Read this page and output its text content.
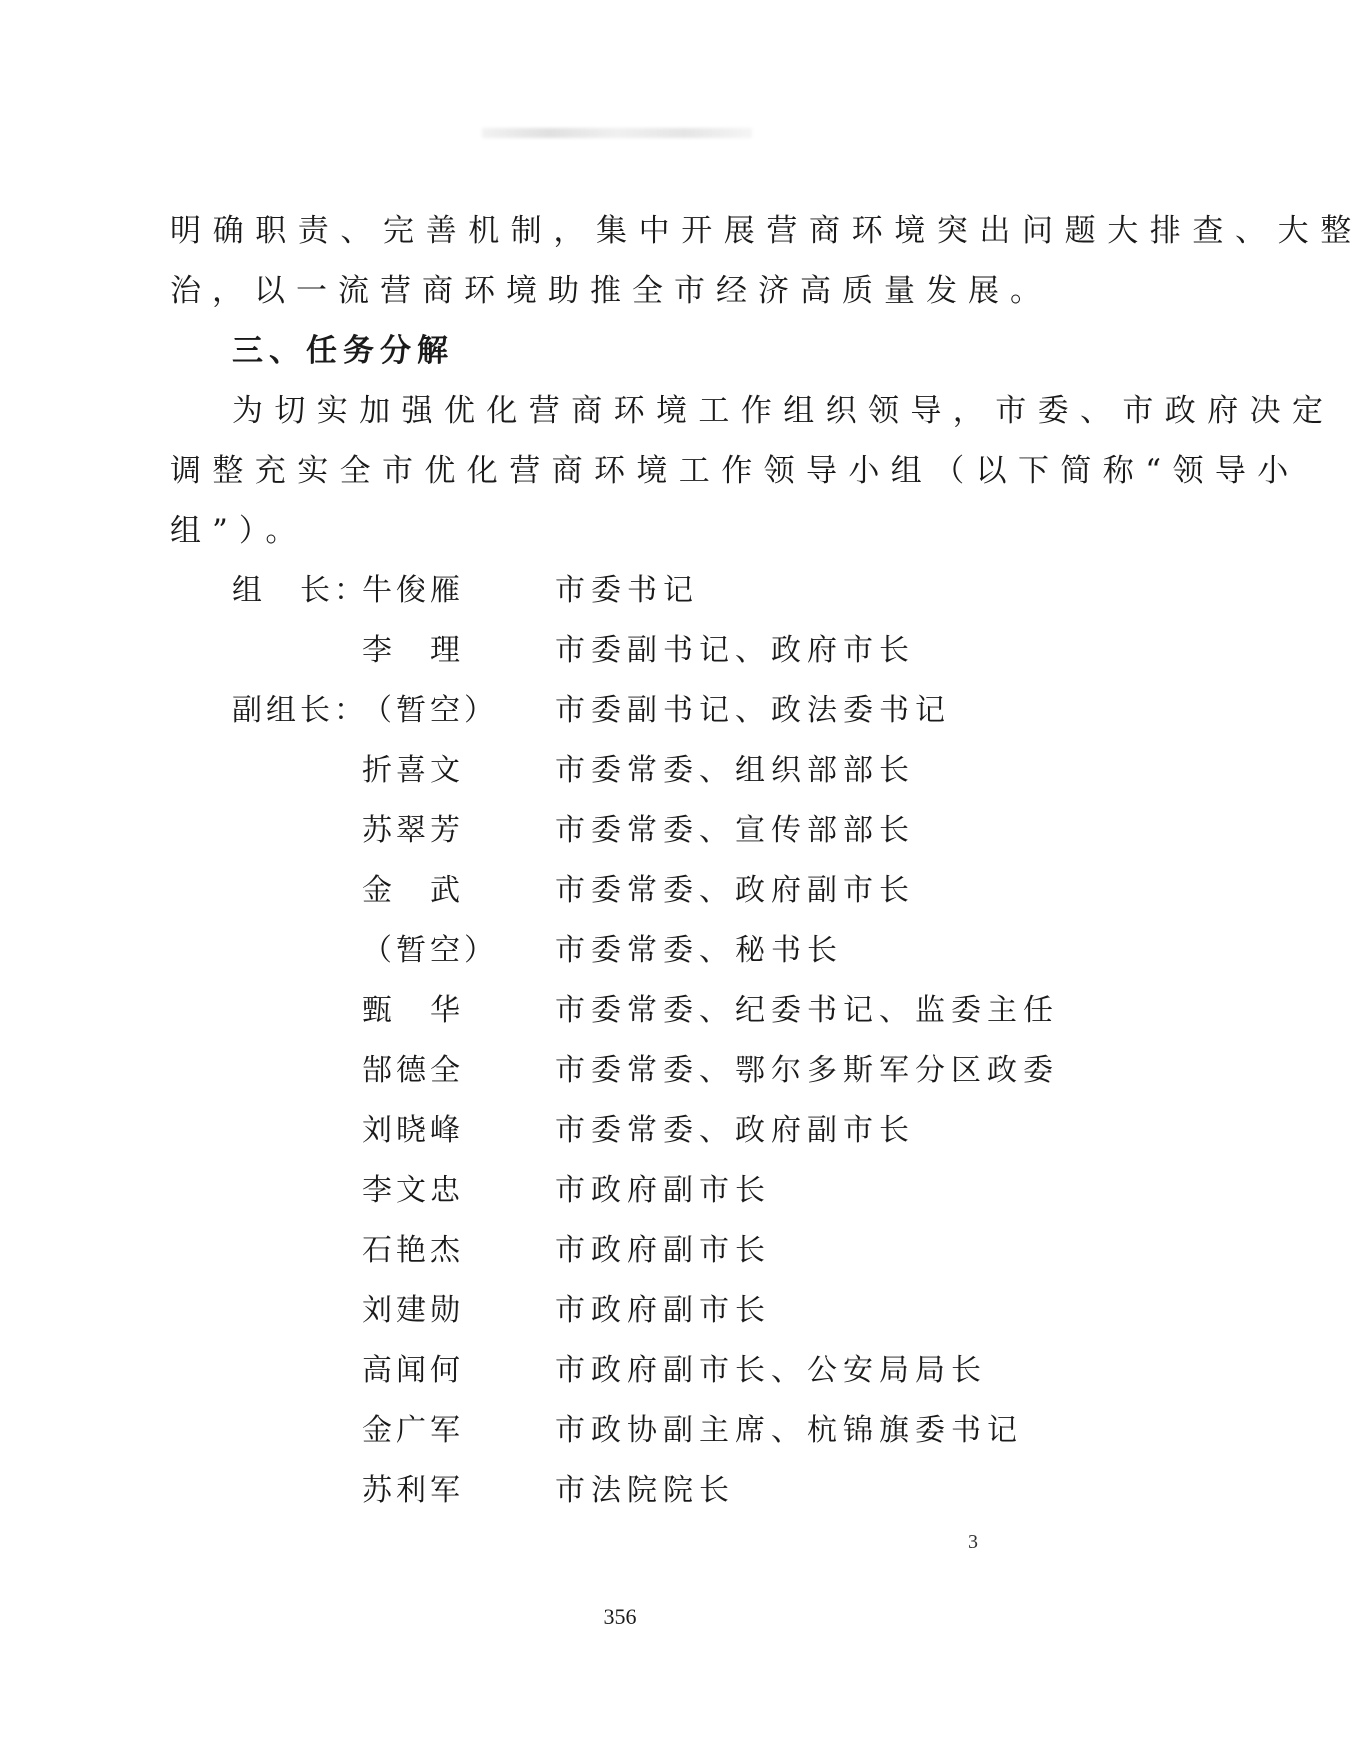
明确职责、完善机制，集中开展营商环境突出问题大排查、大整
治，以一流营商环境助推全市经济高质量发展。
三、任务分解
为切实加强优化营商环境工作组织领导，市委、市政府决定
调整充实全市优化营商环境工作领导小组（以下简称“领导小
组”）。
组　长：
牛俊雁	市委书记
李　理	市委副书记、政府市长
副组长：
（暂空） 市委副书记、政法委书记
折喜文	市委常委、组织部部长
苏翠芳	市委常委、宣传部部长
金　武	市委常委、政府副市长
（暂空） 市委常委、秘书长
甄　华	市委常委、纪委书记、监委主任
郜德全	市委常委、鄂尔多斯军分区政委
刘晓峰	市委常委、政府副市长
李文忠	市政府副市长
石艳杰	市政府副市长
刘建勋	市政府副市长
高闻何	市政府副市长、公安局局长
金广军	市政协副主席、杭锦旗委书记
苏利军	市法院院长
3
356
